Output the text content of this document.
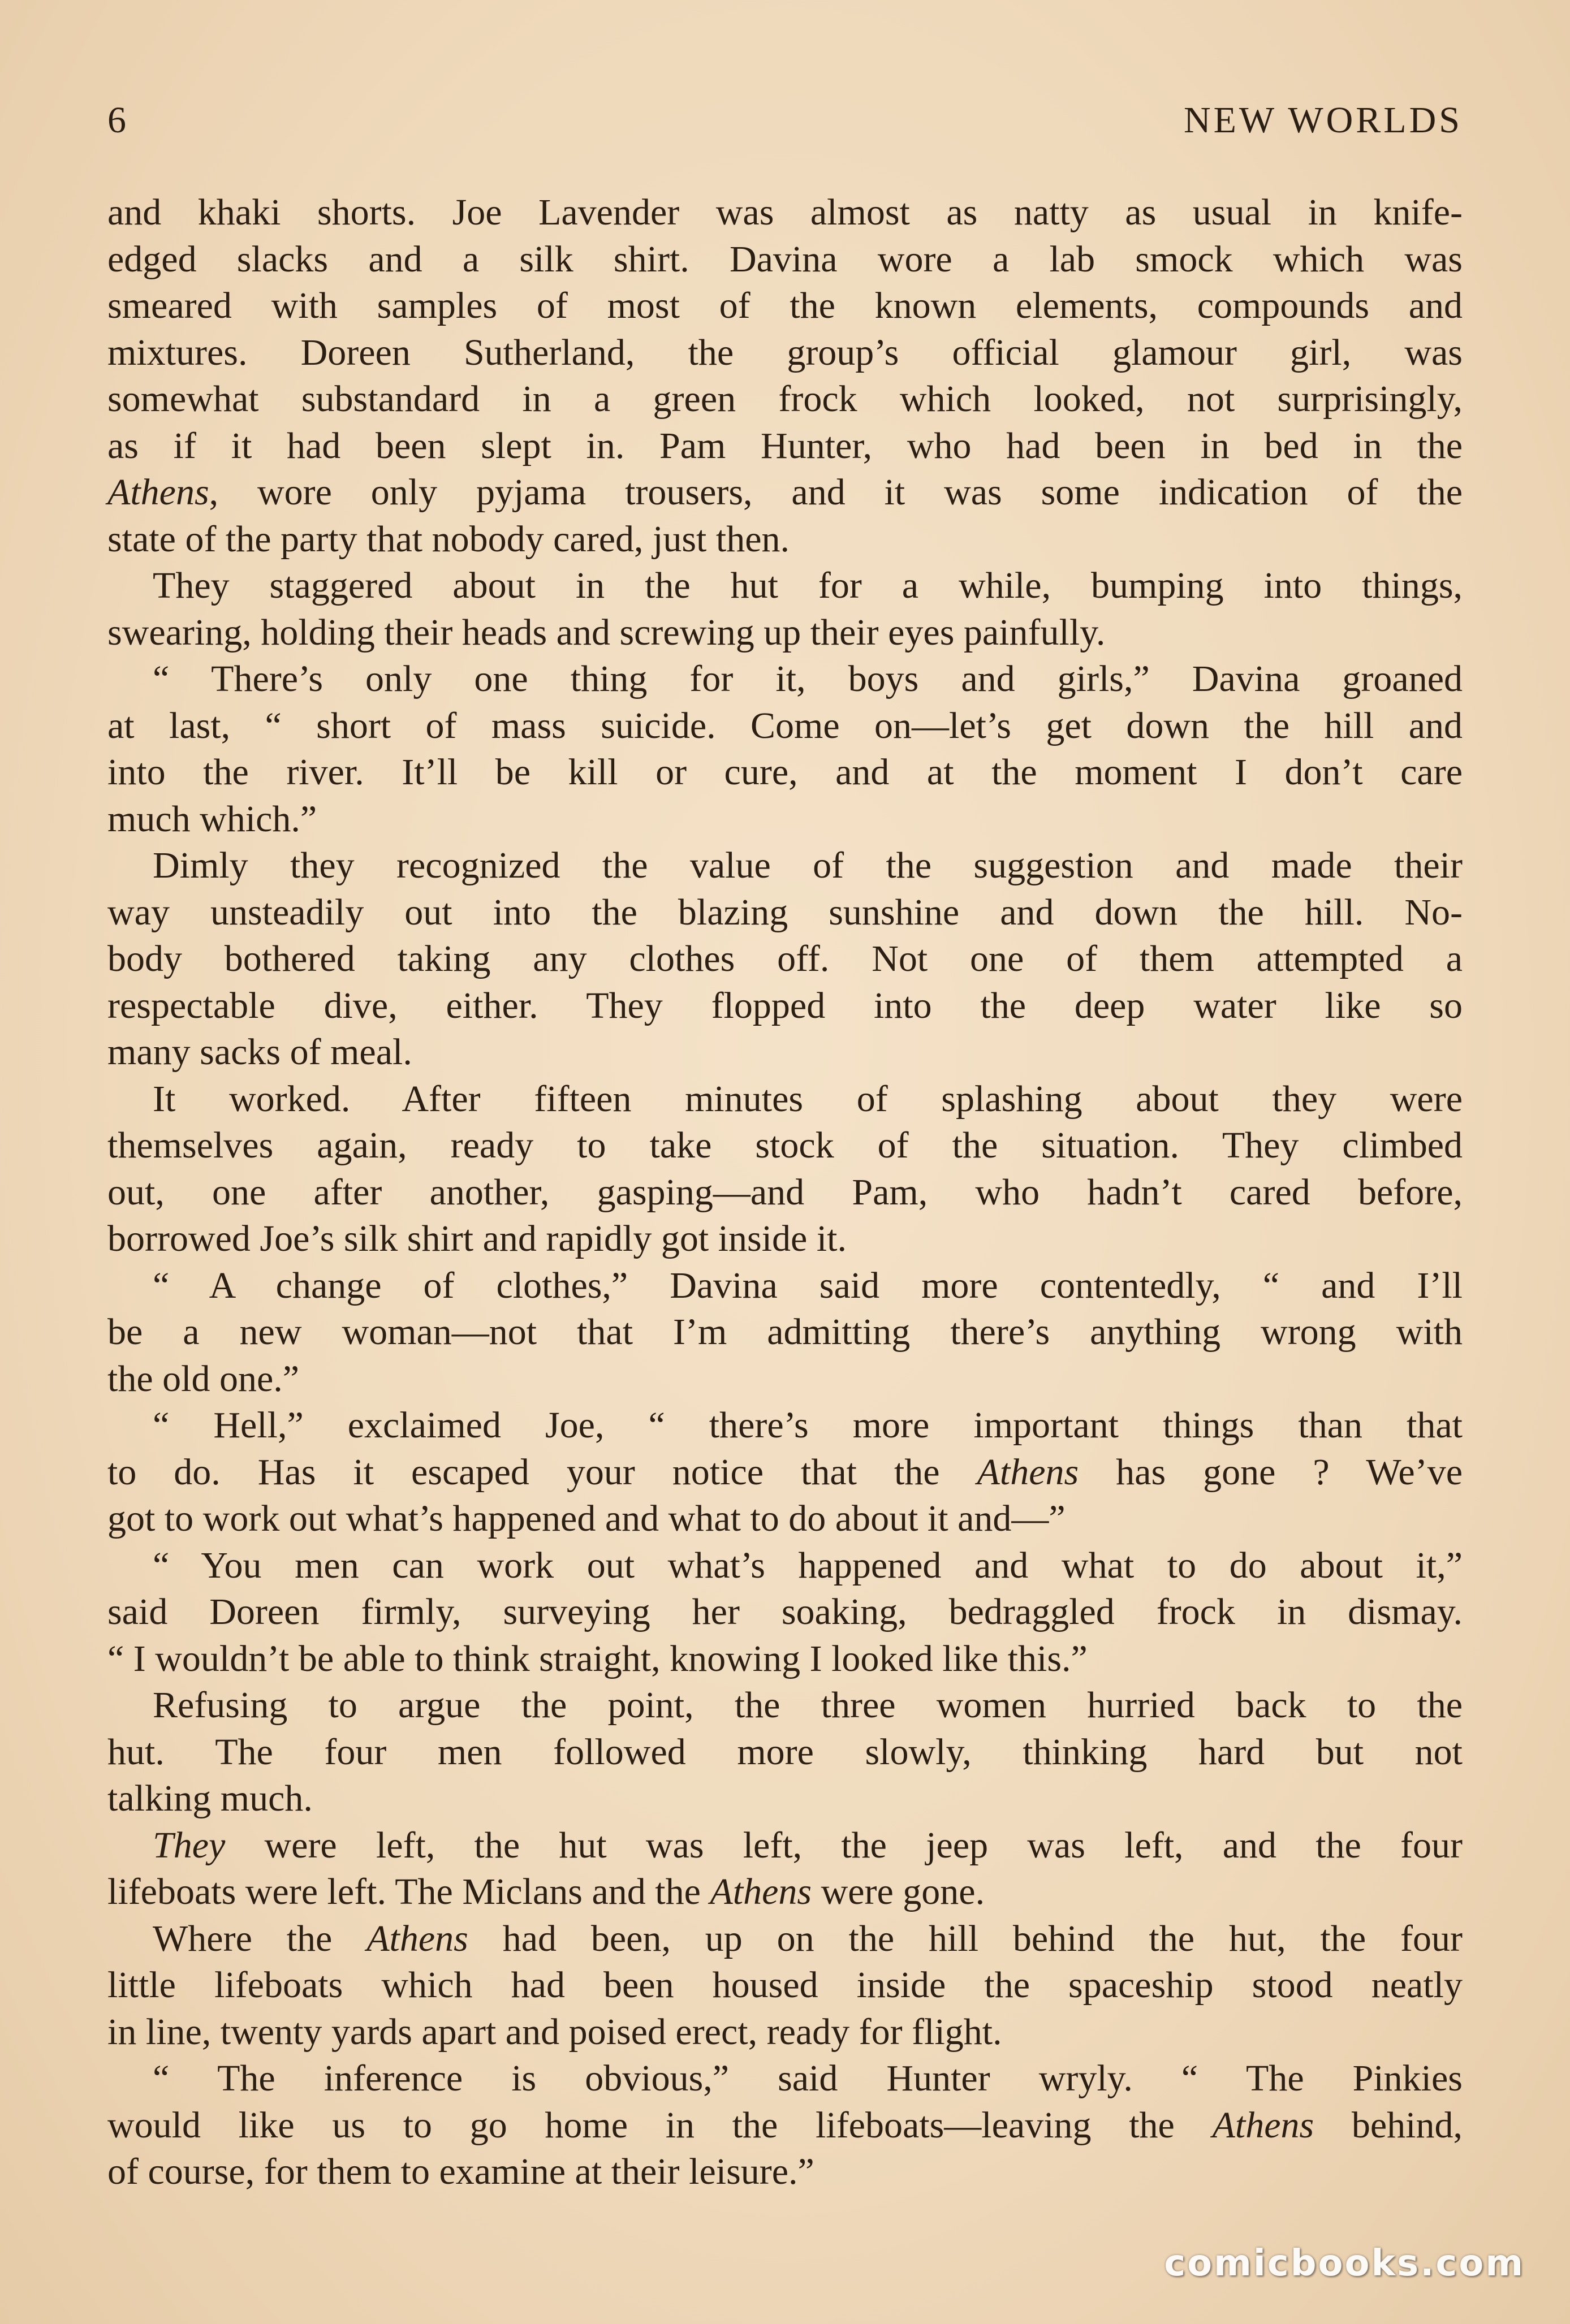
6	NEW WORLDS

and khaki shorts. Joe Lavender was almost as natty as usual in knife-
edged slacks and a silk shirt. Davina wore a lab smock which was
smeared with samples of most of the known elements, compounds and
mixtures. Doreen Sutherland, the group’s official glamour girl, was
somewhat substandard in a green frock which looked, not surprisingly,
as if it had been slept in. Pam Hunter, who had been in bed in the
Athens, wore only pyjama trousers, and it was some indication of the
state of the party that nobody cared, just then.

They staggered about in the hut for a while, bumping into things,
swearing, holding their heads and screwing up their eyes painfully.

“ There’s only one thing for it, boys and girls,” Davina groaned
at last, “ short of mass suicide. Come on—let’s get down the hill and
into the river. It’ll be kill or cure, and at the moment I don’t care
much which.”

Dimly they recognized the value of the suggestion and made their
way unsteadily out into the blazing sunshine and down the hill. No-
body bothered taking any clothes off. Not one of them attempted a
respectable dive, either. They flopped into the deep water like so
many sacks of meal.

It worked. After fifteen minutes of splashing about they were
themselves again, ready to take stock of the situation. They climbed
out, one after another, gasping—and Pam, who hadn’t cared before,
borrowed Joe’s silk shirt and rapidly got inside it.

“ A change of clothes,” Davina said more contentedly, “ and I’ll
be a new woman—not that I’m admitting there’s anything wrong with
the old one.”

“ Hell,” exclaimed Joe, “ there’s more important things than that
to do. Has it escaped your notice that the Athens has gone ? We’ve
got to work out what’s happened and what to do about it and—”

“ You men can work out what’s happened and what to do about it,”
said Doreen firmly, surveying her soaking, bedraggled frock in dismay.
“ I wouldn’t be able to think straight, knowing I looked like this.”

Refusing to argue the point, the three women hurried back to the
hut. The four men followed more slowly, thinking hard but not
talking much.

They were left, the hut was left, the jeep was left, and the four
lifeboats were left. The Miclans and the Athens were gone.

Where the Athens had been, up on the hill behind the hut, the four
little lifeboats which had been housed inside the spaceship stood neatly
in line, twenty yards apart and poised erect, ready for flight.

“ The inference is obvious,” said Hunter wryly. “ The Pinkies
would like us to go home in the lifeboats—leaving the Athens behind,
of course, for them to examine at their leisure.”

comicbooks.com
